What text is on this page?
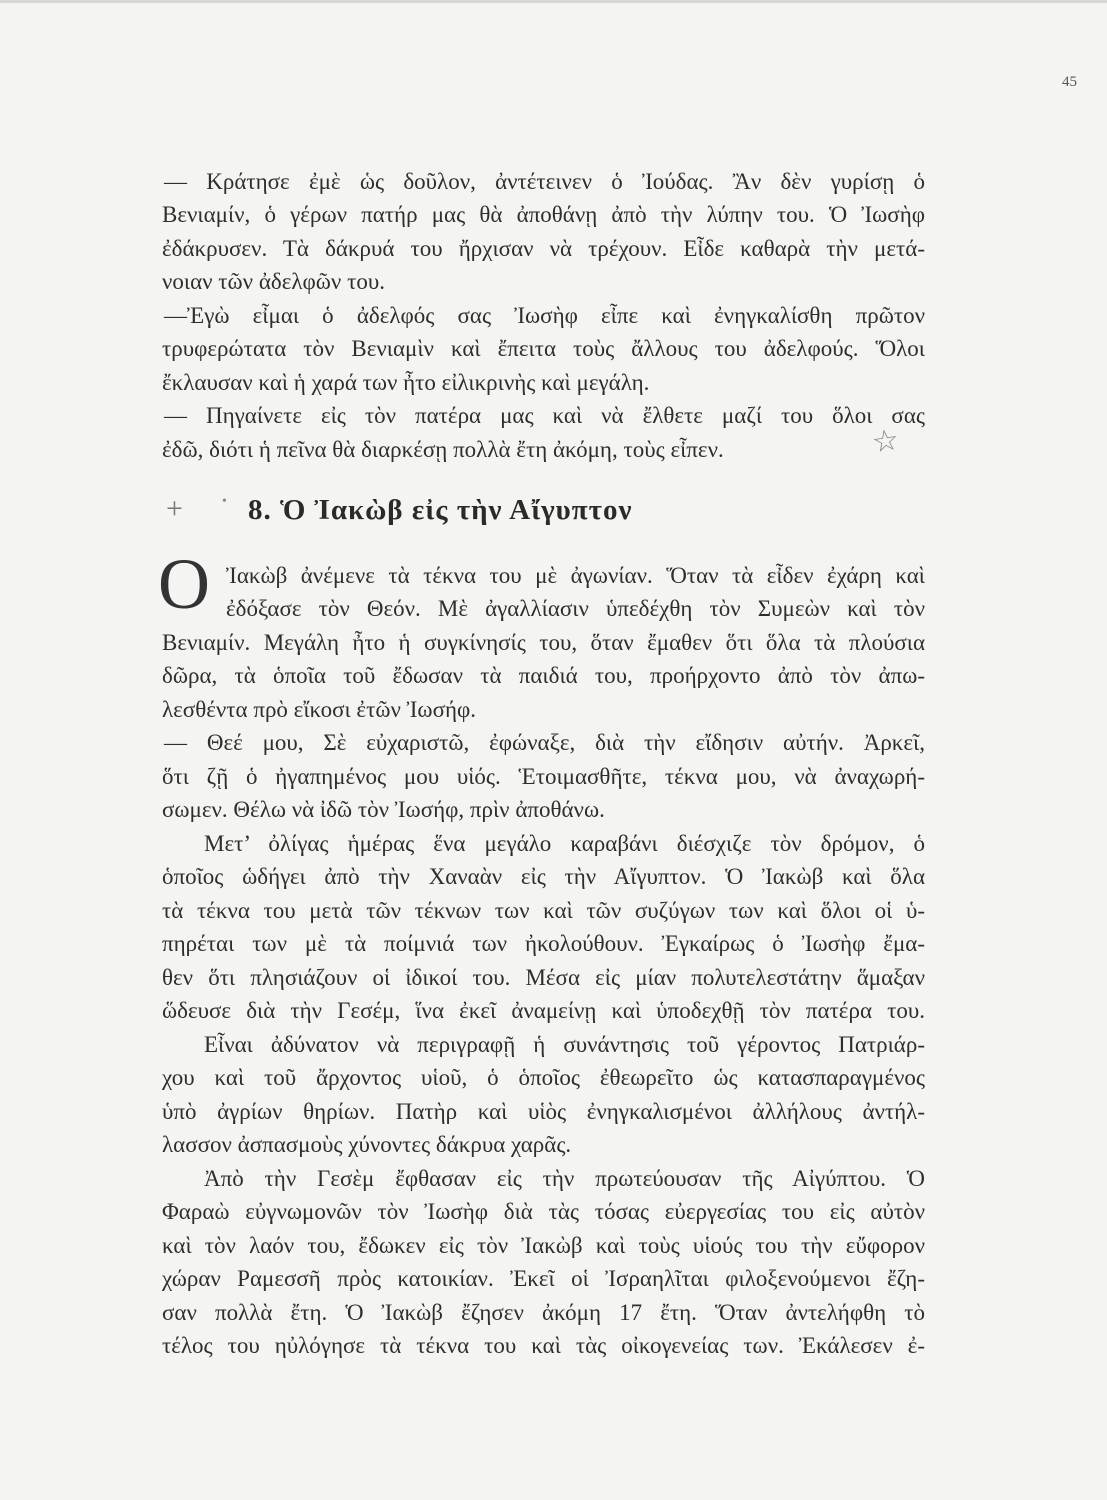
45
— Κράτησε ἐμὲ ὡς δοῦλον, ἀντέτεινεν ὁ Ἰούδας. Ἂν δὲν γυρίσῃ ὁ
Βενιαμίν, ὁ γέρων πατήρ μας θὰ ἀποθάνῃ ἀπὸ τὴν λύπην του. Ὁ Ἰωσὴφ
ἐδάκρυσεν. Τὰ δάκρυά του ἤρχισαν νὰ τρέχουν. Εἶδε καθαρὰ τὴν μετά-
νοιαν τῶν ἀδελφῶν του.
—Ἐγὼ εἶμαι ὁ ἀδελφός σας Ἰωσὴφ εἶπε καὶ ἐνηγκαλίσθη πρῶτον
τρυφερώτατα τὸν Βενιαμὶν καὶ ἔπειτα τοὺς ἄλλους του ἀδελφούς. Ὅλοι
ἔκλαυσαν καὶ ἡ χαρά των ἦτο εἰλικρινὴς καὶ μεγάλη.
— Πηγαίνετε εἰς τὸν πατέρα μας καὶ νὰ ἔλθετε μαζί του ὅλοι σας
ἐδῶ, διότι ἡ πεῖνα θὰ διαρκέσῃ πολλὰ ἔτη ἀκόμη, τοὺς εἶπεν.	☆
+	• 8. Ὁ Ἰακὼβ εἰς τὴν Αἴγυπτον
Ο Ἰακὼβ ἀνέμενε τὰ τέκνα του μὲ ἀγωνίαν. Ὅταν τὰ εἶδεν ἐχάρη καὶ
ἐδόξασε τὸν Θεόν. Μὲ ἀγαλλίασιν ὑπεδέχθη τὸν Συμεὼν καὶ τὸν
Βενιαμίν. Μεγάλη ἦτο ἡ συγκίνησίς του, ὅταν ἔμαθεν ὅτι ὅλα τὰ πλούσια
δῶρα, τὰ ὁποῖα τοῦ ἔδωσαν τὰ παιδιά του, προήρχοντο ἀπὸ τὸν ἀπω-
λεσθέντα πρὸ εἴκοσι ἐτῶν Ἰωσήφ.
— Θεέ μου, Σὲ εὐχαριστῶ, ἐφώναξε, διὰ τὴν εἴδησιν αὐτήν. Ἀρκεῖ,
ὅτι ζῇ ὁ ἠγαπημένος μου υἱός. Ἑτοιμασθῆτε, τέκνα μου, νὰ ἀναχωρή-
σωμεν. Θέλω νὰ ἰδῶ τὸν Ἰωσήφ, πρὶν ἀποθάνω.
Μετ’ ὀλίγας ἡμέρας ἕνα μεγάλο καραβάνι διέσχιζε τὸν δρόμον, ὁ
ὁποῖος ὡδήγει ἀπὸ τὴν Χαναὰν εἰς τὴν Αἴγυπτον. Ὁ Ἰακὼβ καὶ ὅλα
τὰ τέκνα του μετὰ τῶν τέκνων των καὶ τῶν συζύγων των καὶ ὅλοι οἱ ὑ-
πηρέται των μὲ τὰ ποίμνιά των ἠκολούθουν. Ἐγκαίρως ὁ Ἰωσὴφ ἔμα-
θεν ὅτι πλησιάζουν οἱ ἰδικοί του. Μέσα εἰς μίαν πολυτελεστάτην ἅμαξαν
ὥδευσε διὰ τὴν Γεσέμ, ἵνα ἐκεῖ ἀναμείνῃ καὶ ὑποδεχθῇ τὸν πατέρα του.
Εἶναι ἀδύνατον νὰ περιγραφῇ ἡ συνάντησις τοῦ γέροντος Πατριάρ-
χου καὶ τοῦ ἄρχοντος υἱοῦ, ὁ ὁποῖος ἐθεωρεῖτο ὡς κατασπαραγμένος
ὑπὸ ἀγρίων θηρίων. Πατὴρ καὶ υἱὸς ἐνηγκαλισμένοι ἀλλήλους ἀντήλ-
λασσον ἀσπασμοὺς χύνοντες δάκρυα χαρᾶς.
Ἀπὸ τὴν Γεσὲμ ἔφθασαν εἰς τὴν πρωτεύουσαν τῆς Αἰγύπτου. Ὁ
Φαραὼ εὐγνωμονῶν τὸν Ἰωσὴφ διὰ τὰς τόσας εὐεργεσίας του εἰς αὐτὸν
καὶ τὸν λαόν του, ἔδωκεν εἰς τὸν Ἰακὼβ καὶ τοὺς υἱούς του τὴν εὔφορον
χώραν Ραμεσσῆ πρὸς κατοικίαν. Ἐκεῖ οἱ Ἰσραηλῖται φιλοξενούμενοι ἔζη-
σαν πολλὰ ἔτη. Ὁ Ἰακὼβ ἔζησεν ἀκόμη 17 ἔτη. Ὅταν ἀντελήφθη τὸ
τέλος του ηὐλόγησε τὰ τέκνα του καὶ τὰς οἰκογενείας των. Ἐκάλεσεν ἐ-
